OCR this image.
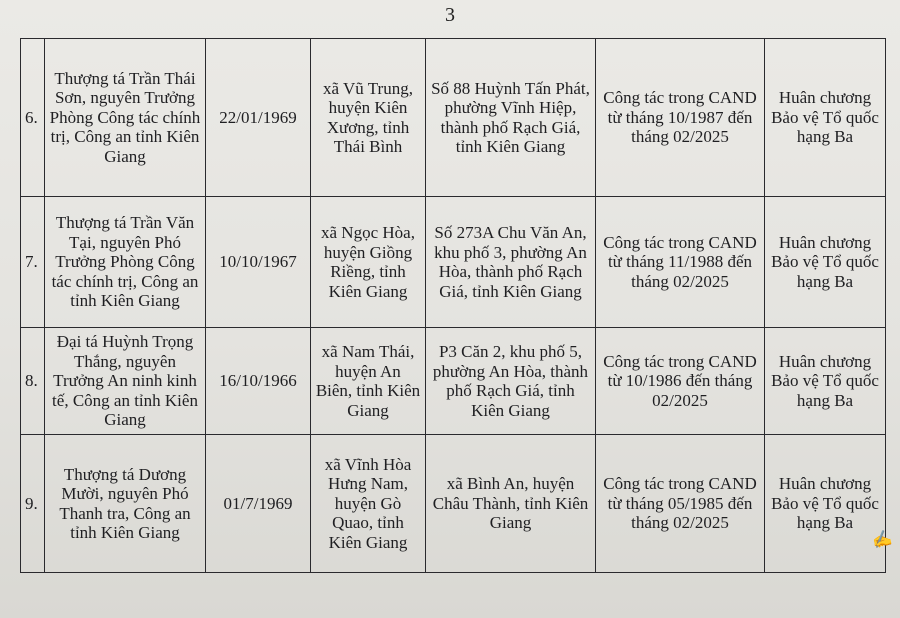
3
6.	Thượng tá Trần Thái Sơn, nguyên Trưởng Phòng Công tác chính trị, Công an tỉnh Kiên Giang	22/01/1969	xã Vũ Trung, huyện Kiên Xương, tỉnh Thái Bình	Số 88 Huỳnh Tấn Phát, phường Vĩnh Hiệp, thành phố Rạch Giá, tỉnh Kiên Giang	Công tác trong CAND từ tháng 10/1987 đến tháng 02/2025	Huân chương Bảo vệ Tổ quốc hạng Ba
7.	Thượng tá Trần Văn Tại, nguyên Phó Trưởng Phòng Công tác chính trị, Công an tỉnh Kiên Giang	10/10/1967	xã Ngọc Hòa, huyện Giồng Riềng, tỉnh Kiên Giang	Số 273A Chu Văn An, khu phố 3, phường An Hòa, thành phố Rạch Giá, tỉnh Kiên Giang	Công tác trong CAND từ tháng 11/1988 đến tháng 02/2025	Huân chương Bảo vệ Tổ quốc hạng Ba
8.	Đại tá Huỳnh Trọng Thắng, nguyên Trưởng An ninh kinh tế, Công an tỉnh Kiên Giang	16/10/1966	xã Nam Thái, huyện An Biên, tỉnh Kiên Giang	P3 Căn 2, khu phố 5, phường An Hòa, thành phố Rạch Giá, tỉnh Kiên Giang	Công tác trong CAND từ 10/1986 đến tháng 02/2025	Huân chương Bảo vệ Tổ quốc hạng Ba
9.	Thượng tá Dương Mười, nguyên Phó Thanh tra, Công an tỉnh Kiên Giang	01/7/1969	xã Vĩnh Hòa Hưng Nam, huyện Gò Quao, tỉnh Kiên Giang	xã Bình An, huyện Châu Thành, tỉnh Kiên Giang	Công tác trong CAND từ tháng 05/1985 đến tháng 02/2025	Huân chương Bảo vệ Tổ quốc hạng Ba
✍
